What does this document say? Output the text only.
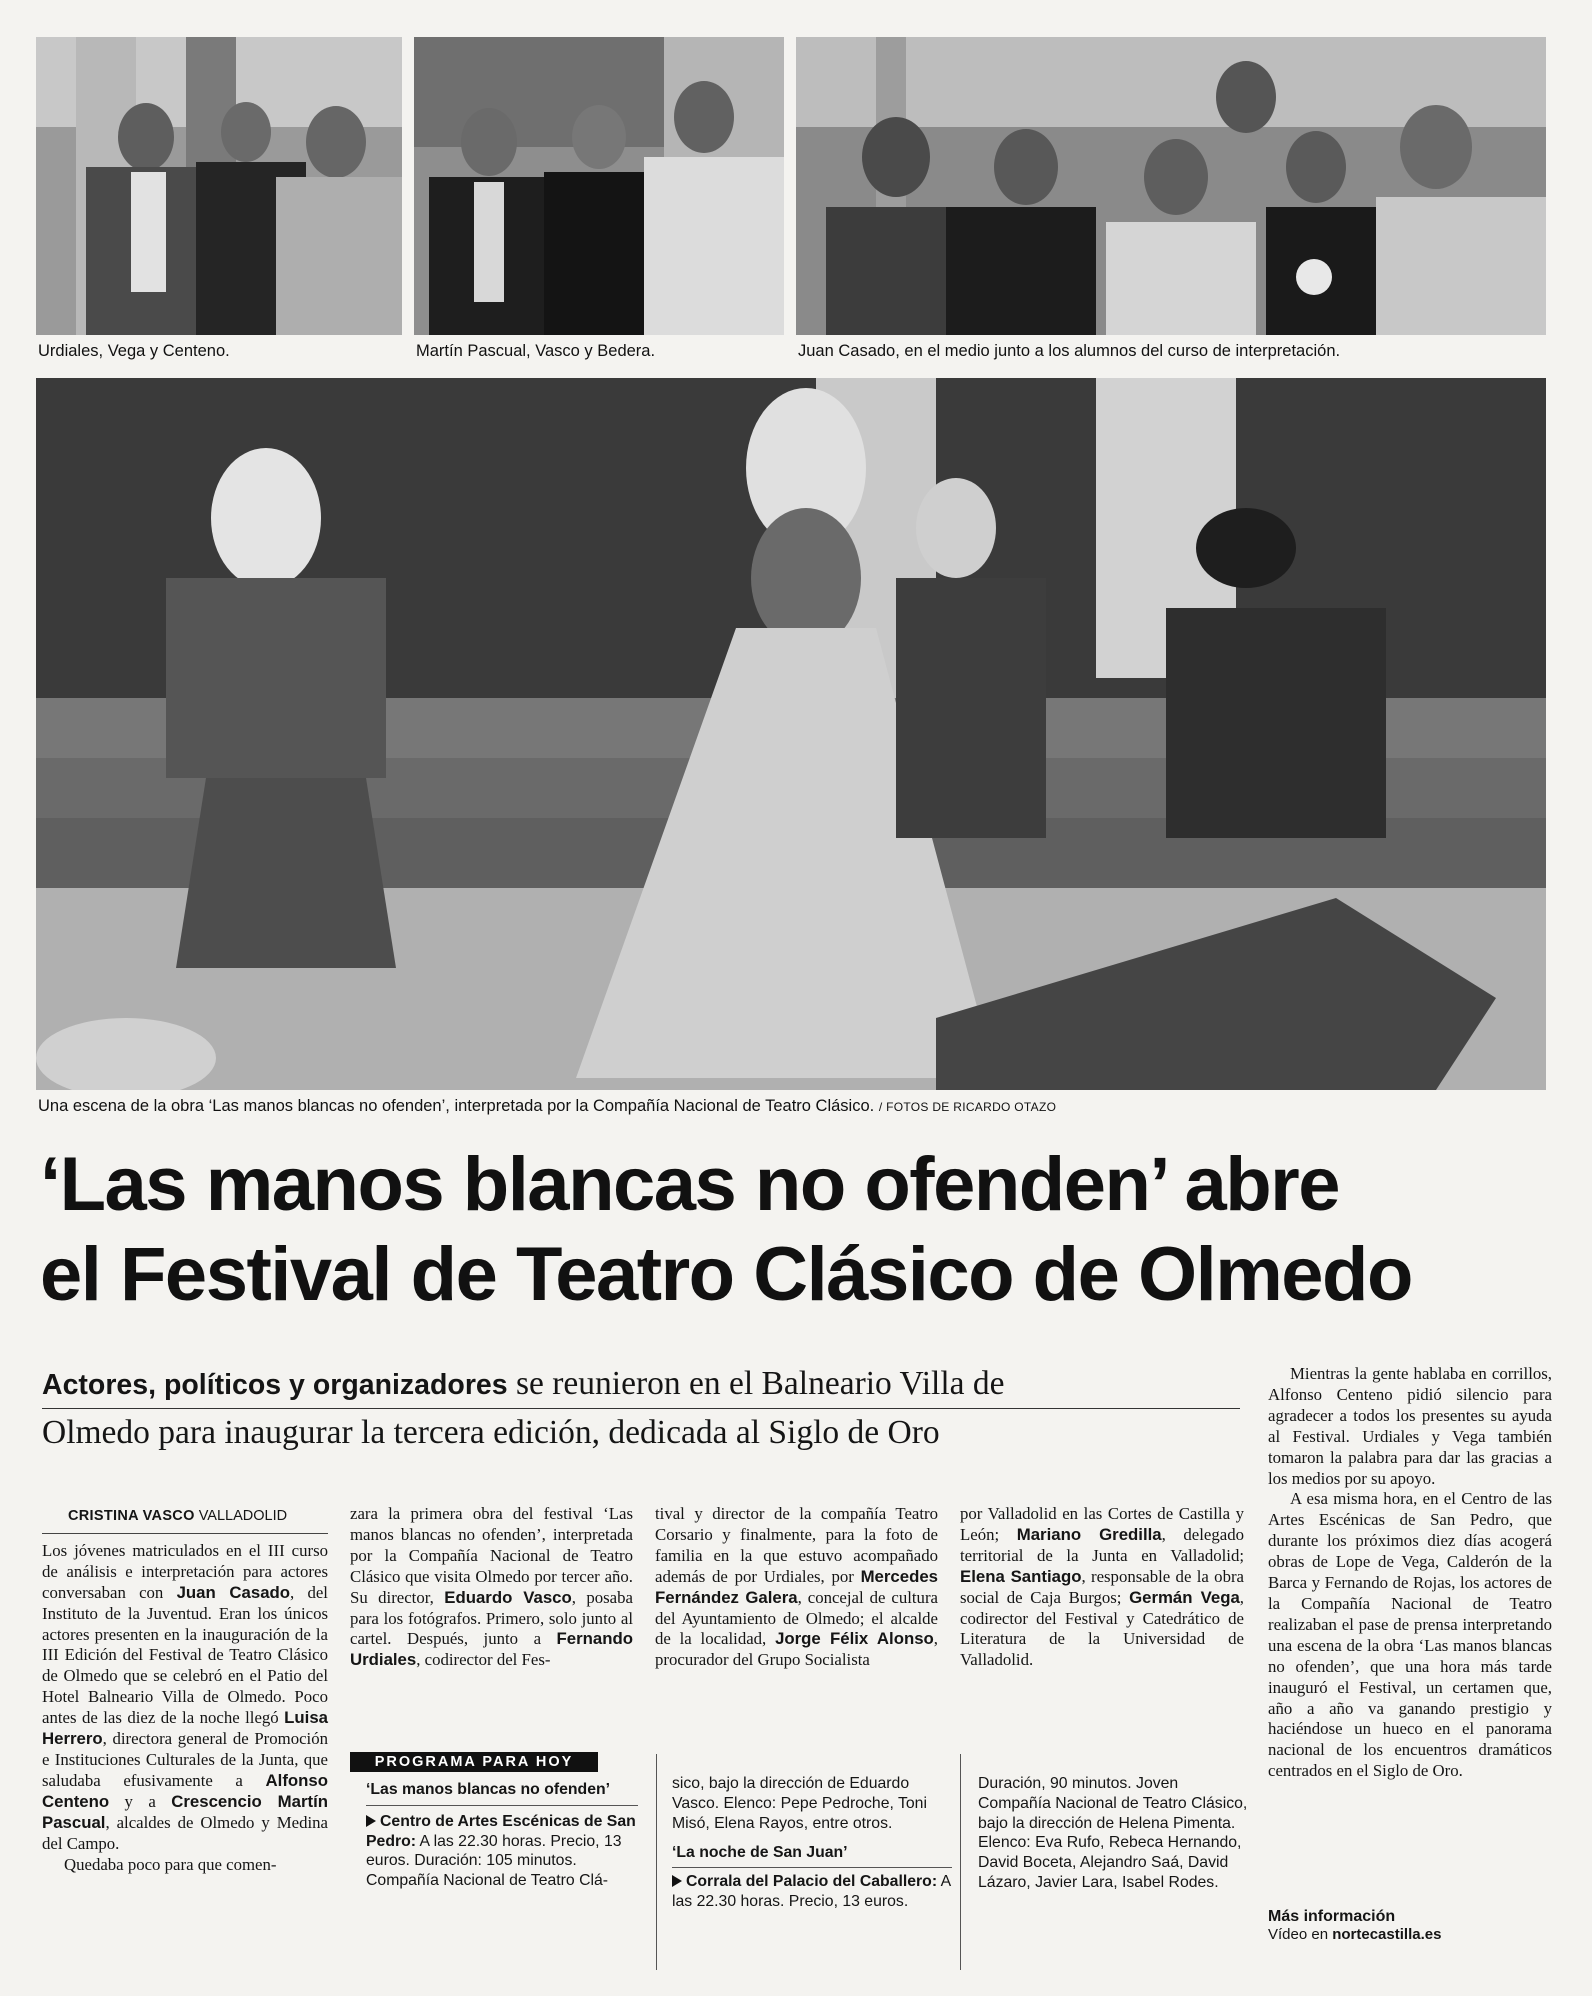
Urdiales, Vega y Centeno.	Martín Pascual, Vasco y Bedera.	Juan Casado, en el medio junto a los alumnos del curso de interpretación.
Una escena de la obra ‘Las manos blancas no ofenden’, interpretada por la Compañía Nacional de Teatro Clásico. / FOTOS DE RICARDO OTAZO
‘Las manos blancas no ofenden’ abre
el Festival de Teatro Clásico de Olmedo
Actores, políticos y organizadores se reunieron en el Balneario Villa de
Olmedo para inaugurar la tercera edición, dedicada al Siglo de Oro
CRISTINA VASCO VALLADOLID

Los jóvenes matriculados en el III curso de análisis e interpretación para actores conversaban con Juan Casado, del Instituto de la Juventud. Eran los únicos actores presenten en la inauguración de la III Edición del Festival de Teatro Clásico de Olmedo que se celebró en el Patio del Hotel Balneario Villa de Olmedo. Poco antes de las diez de la noche llegó Luisa Herrero, directora general de Promoción e Instituciones Culturales de la Junta, que saludaba efusivamente a Alfonso Centeno y a Crescencio Martín Pascual, alcaldes de Olmedo y Medina del Campo.

Quedaba poco para que comen-

zara la primera obra del festival ‘Las manos blancas no ofenden’, interpretada por la Compañía Nacional de Teatro Clásico que visita Olmedo por tercer año. Su director, Eduardo Vasco, posaba para los fotógrafos. Primero, solo junto al cartel. Después, junto a Fernando Urdiales, codirector del Fes-

tival y director de la compañía Teatro Corsario y finalmente, para la foto de familia en la que estuvo acompañado además de por Urdiales, por Mercedes Fernández Galera, concejal de cultura del Ayuntamiento de Olmedo; el alcalde de la localidad, Jorge Félix Alonso, procurador del Grupo Socialista

por Valladolid en las Cortes de Castilla y León; Mariano Gredilla, delegado territorial de la Junta en Valladolid; Elena Santiago, responsable de la obra social de Caja Burgos; Germán Vega, codirector del Festival y Catedrático de Literatura de la Universidad de Valladolid.

Mientras la gente hablaba en corrillos, Alfonso Centeno pidió silencio para agradecer a todos los presentes su ayuda al Festival. Urdiales y Vega también tomaron la palabra para dar las gracias a los medios por su apoyo.

A esa misma hora, en el Centro de las Artes Escénicas de San Pedro, que durante los próximos diez días acogerá obras de Lope de Vega, Calderón de la Barca y Fernando de Rojas, los actores de la Compañía Nacional de Teatro realizaban el pase de prensa interpretando una escena de la obra ‘Las manos blancas no ofenden’, que una hora más tarde inauguró el Festival, un certamen que, año a año va ganando prestigio y haciéndose un hueco en el panorama nacional de los encuentros dramáticos centrados en el Siglo de Oro.

PROGRAMA PARA HOY
‘Las manos blancas no ofenden’
Centro de Artes Escénicas de San Pedro: A las 22.30 horas. Precio, 13 euros. Duración: 105 minutos. Compañía Nacional de Teatro Clá-
sico, bajo la dirección de Eduardo Vasco. Elenco: Pepe Pedroche, Toni Misó, Elena Rayos, entre otros.
‘La noche de San Juan’
Corrala del Palacio del Caballero: A las 22.30 horas. Precio, 13 euros.
Duración, 90 minutos. Joven Compañía Nacional de Teatro Clásico, bajo la dirección de Helena Pimenta. Elenco: Eva Rufo, Rebeca Hernando, David Boceta, Alejandro Saá, David Lázaro, Javier Lara, Isabel Rodes.
Más información
Vídeo en nortecastilla.es
